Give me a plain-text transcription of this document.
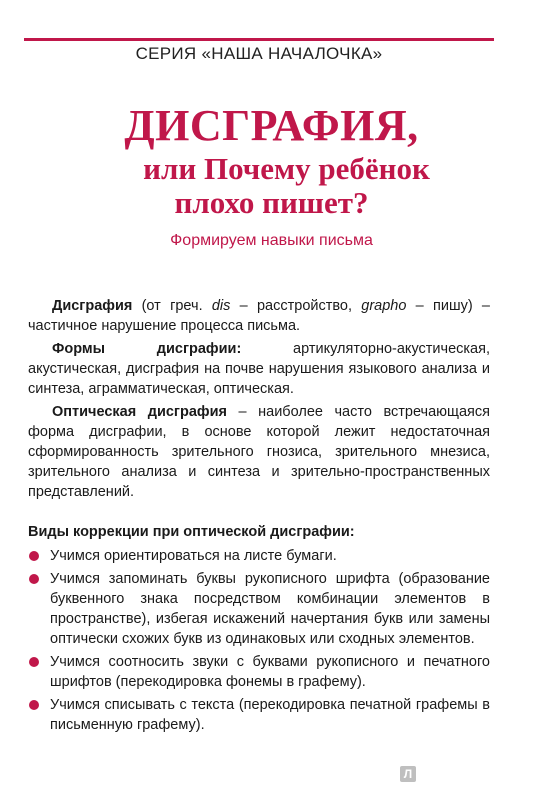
СЕРИЯ «НАША НАЧАЛОЧКА»
ДИСГРАФИЯ,
или Почему ребёнок
плохо пишет?
Формируем навыки письма

Дисграфия (от греч. dis – расстройство, grapho – пишу) – частичное нарушение процесса письма.

Формы дисграфии: артикуляторно-акустическая, акустическая, дисграфия на почве нарушения языкового анализа и синтеза, аграмматическая, оптическая.

Оптическая дисграфия – наиболее часто встречающаяся форма дисграфии, в основе которой лежит недостаточная сформированность зрительного гнозиса, зрительного мнезиса, зрительного анализа и синтеза и зрительно-пространственных представлений.

Виды коррекции при оптической дисграфии:

Учимся ориентироваться на листе бумаги.
Учимся запоминать буквы рукописного шрифта (образование буквенного знака посредством комбинации элементов в пространстве), избегая искажений начертания букв или замены оптически схожих букв из одинаковых или сходных элементов.
Учимся соотносить звуки с буквами рукописного и печатного шрифтов (перекодировка фонемы в графему).
Учимся списывать с текста (перекодировка печатной графемы в письменную графему).
Л
